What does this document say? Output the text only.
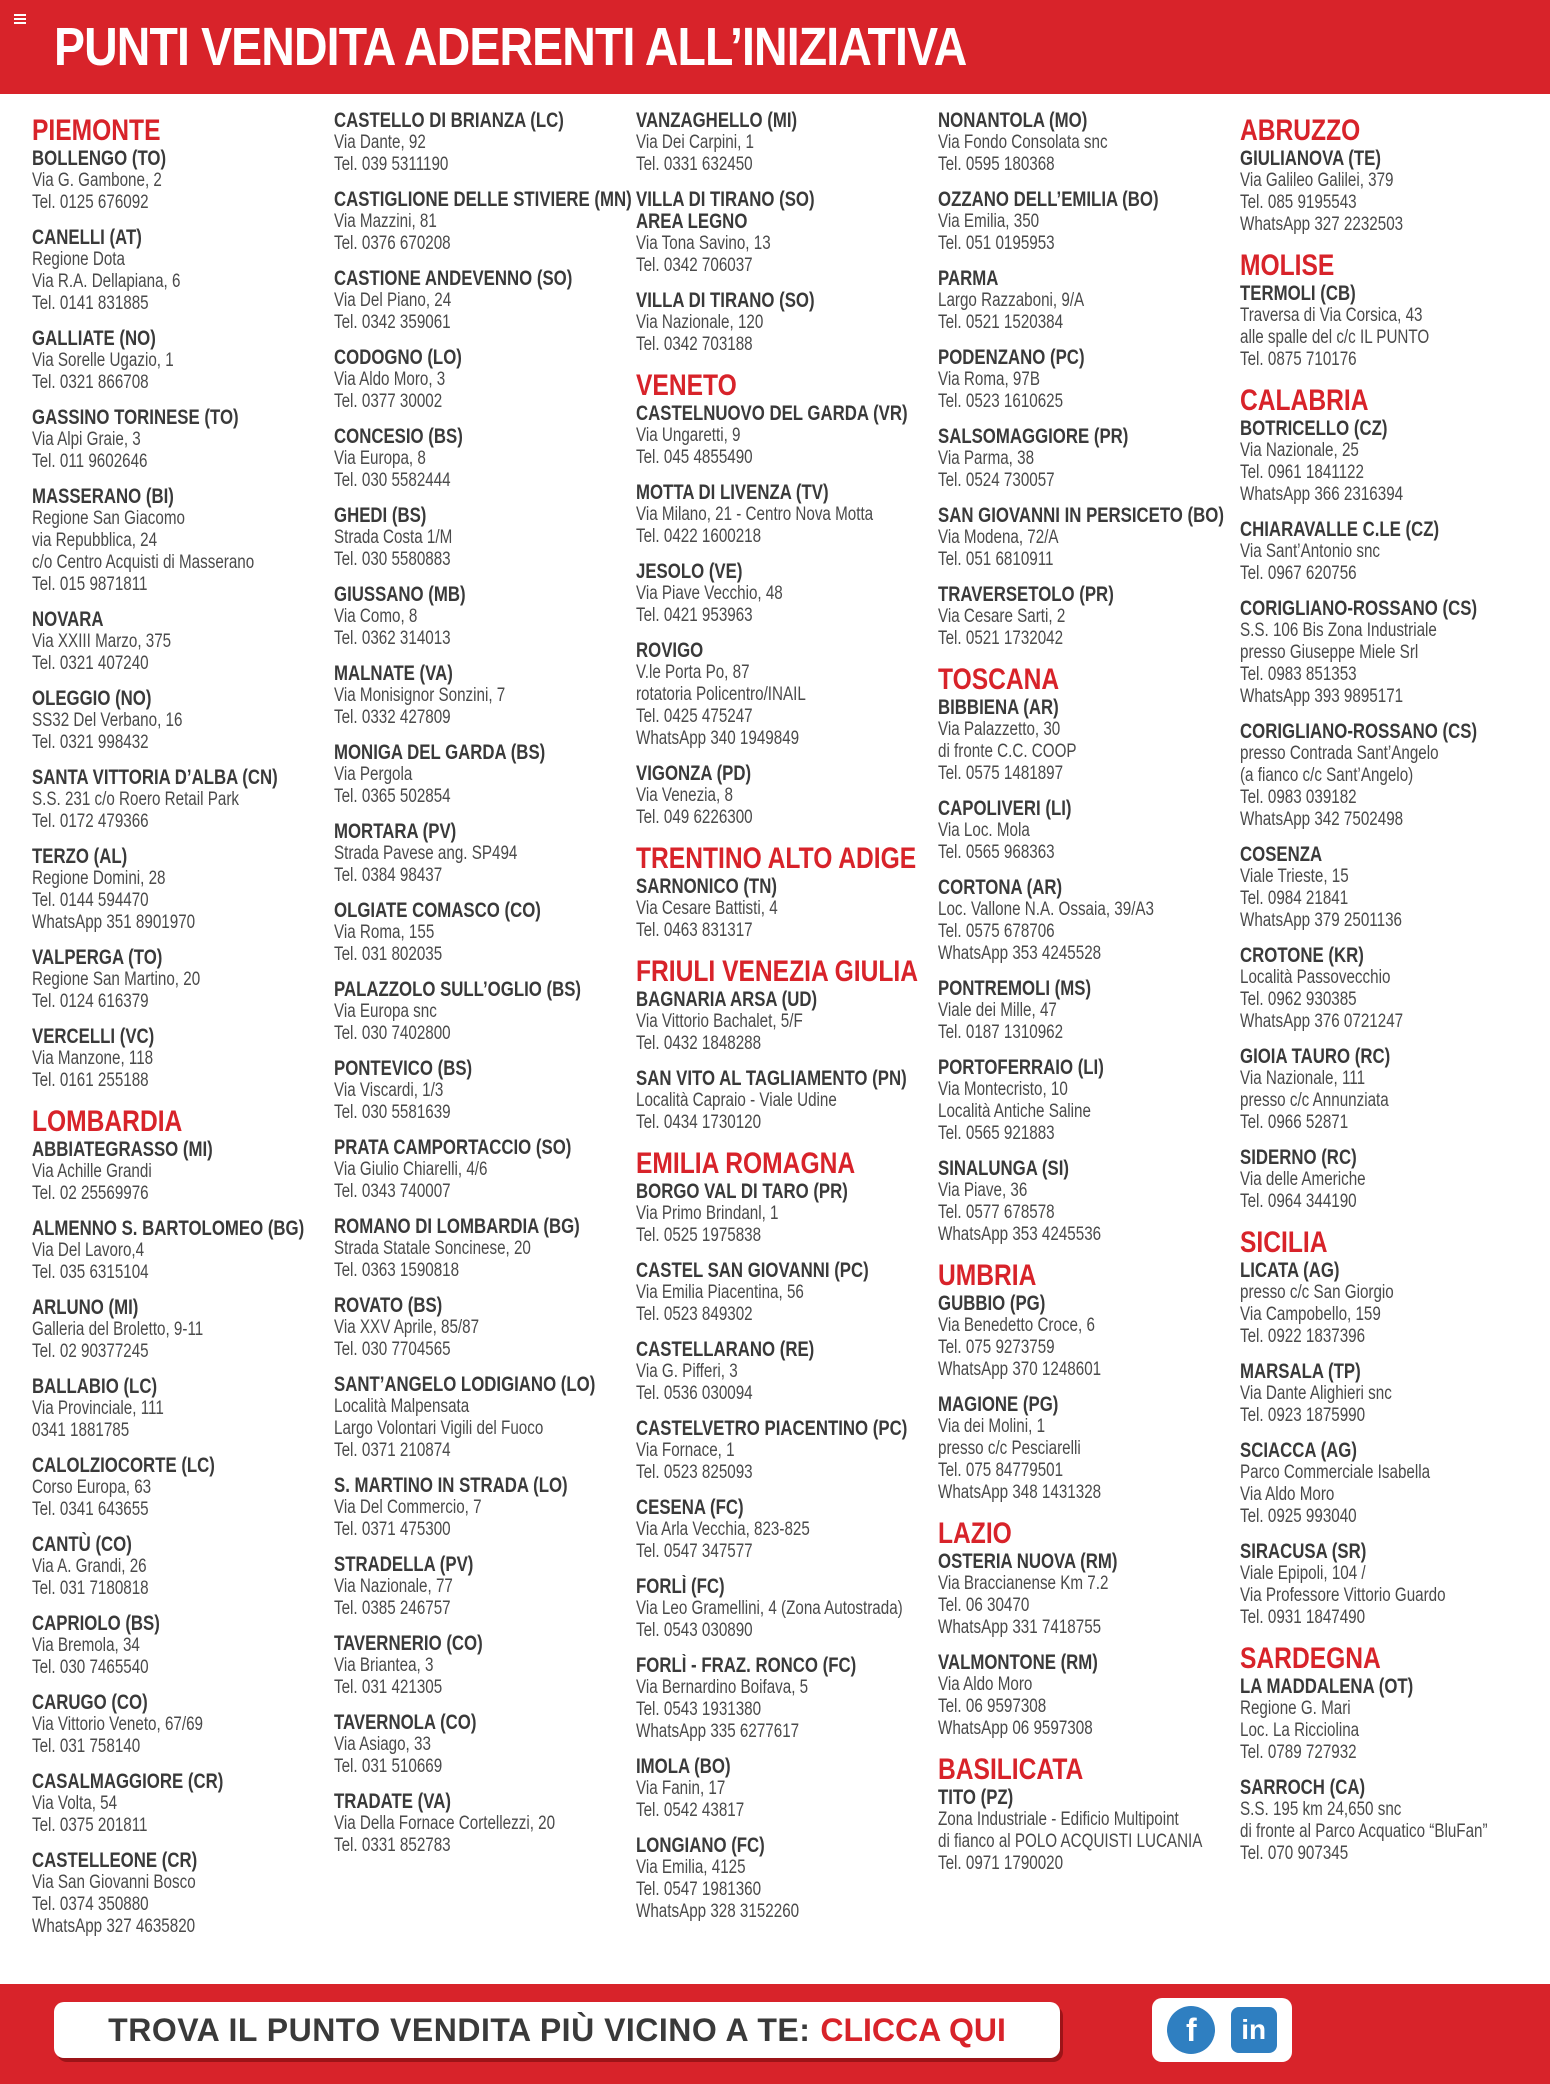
PUNTI VENDITA ADERENTI ALL’INIZIATIVA
PIEMONTE
BOLLENGO (TO)
Via G. Gambone, 2
Tel. 0125 676092
CANELLI (AT)
Regione Dota
Via R.A. Dellapiana, 6
Tel. 0141 831885
GALLIATE (NO)
Via Sorelle Ugazio, 1
Tel. 0321 866708
GASSINO TORINESE (TO)
Via Alpi Graie, 3
Tel. 011 9602646
MASSERANO (BI)
Regione San Giacomo
via Repubblica, 24
c/o Centro Acquisti di Masserano
Tel. 015 9871811
NOVARA
Via XXIII Marzo, 375
Tel. 0321 407240
OLEGGIO (NO)
SS32 Del Verbano, 16
Tel. 0321 998432
SANTA VITTORIA D’ALBA (CN)
S.S. 231 c/o Roero Retail Park
Tel. 0172 479366
TERZO (AL)
Regione Domini, 28
Tel. 0144 594470
WhatsApp 351 8901970
VALPERGA (TO)
Regione San Martino, 20
Tel. 0124 616379
VERCELLI (VC)
Via Manzone, 118
Tel. 0161 255188
LOMBARDIA
ABBIATEGRASSO (MI)
Via Achille Grandi
Tel. 02 25569976
ALMENNO S. BARTOLOMEO (BG)
Via Del Lavoro,4
Tel. 035 6315104
ARLUNO (MI)
Galleria del Broletto, 9-11
Tel. 02 90377245
BALLABIO (LC)
Via Provinciale, 111
0341 1881785
CALOLZIOCORTE (LC)
Corso Europa, 63
Tel. 0341 643655
CANTÙ (CO)
Via A. Grandi, 26
Tel. 031 7180818
CAPRIOLO (BS)
Via Bremola, 34
Tel. 030 7465540
CARUGO (CO)
Via Vittorio Veneto, 67/69
Tel. 031 758140
CASALMAGGIORE (CR)
Via Volta, 54
Tel. 0375 201811
CASTELLEONE (CR)
Via San Giovanni Bosco
Tel. 0374 350880
WhatsApp 327 4635820
CASTELLO DI BRIANZA (LC)
Via Dante, 92
Tel. 039 5311190
CASTIGLIONE DELLE STIVIERE (MN)
Via Mazzini, 81
Tel. 0376 670208
CASTIONE ANDEVENNO (SO)
Via Del Piano, 24
Tel. 0342 359061
CODOGNO (LO)
Via Aldo Moro, 3
Tel. 0377 30002
CONCESIO (BS)
Via Europa, 8
Tel. 030 5582444
GHEDI (BS)
Strada Costa 1/M
Tel. 030 5580883
GIUSSANO (MB)
Via Como, 8
Tel. 0362 314013
MALNATE (VA)
Via Monisignor Sonzini, 7
Tel. 0332 427809
MONIGA DEL GARDA (BS)
Via Pergola
Tel. 0365 502854
MORTARA (PV)
Strada Pavese ang. SP494
Tel. 0384 98437
OLGIATE COMASCO (CO)
Via Roma, 155
Tel. 031 802035
PALAZZOLO SULL’OGLIO (BS)
Via Europa snc
Tel. 030 7402800
PONTEVICO (BS)
Via Viscardi, 1/3
Tel. 030 5581639
PRATA CAMPORTACCIO (SO)
Via Giulio Chiarelli, 4/6
Tel. 0343 740007
ROMANO DI LOMBARDIA (BG)
Strada Statale Soncinese, 20
Tel. 0363 1590818
ROVATO (BS)
Via XXV Aprile, 85/87
Tel. 030 7704565
SANT’ANGELO LODIGIANO (LO)
Località Malpensata
Largo Volontari Vigili del Fuoco
Tel. 0371 210874
S. MARTINO IN STRADA (LO)
Via Del Commercio, 7
Tel. 0371 475300
STRADELLA (PV)
Via Nazionale, 77
Tel. 0385 246757
TAVERNERIO (CO)
Via Briantea, 3
Tel. 031 421305
TAVERNOLA (CO)
Via Asiago, 33
Tel. 031 510669
TRADATE (VA)
Via Della Fornace Cortellezzi, 20
Tel. 0331 852783
VANZAGHELLO (MI)
Via Dei Carpini, 1
Tel. 0331 632450
VILLA DI TIRANO (SO)
AREA LEGNO
Via Tona Savino, 13
Tel. 0342 706037
VILLA DI TIRANO (SO)
Via Nazionale, 120
Tel. 0342 703188
VENETO
CASTELNUOVO DEL GARDA (VR)
Via Ungaretti, 9
Tel. 045 4855490
MOTTA DI LIVENZA (TV)
Via Milano, 21 - Centro Nova Motta
Tel. 0422 1600218
JESOLO (VE)
Via Piave Vecchio, 48
Tel. 0421 953963
ROVIGO
V.le Porta Po, 87
rotatoria Policentro/INAIL
Tel. 0425 475247
WhatsApp 340 1949849
VIGONZA (PD)
Via Venezia, 8
Tel. 049 6226300
TRENTINO ALTO ADIGE
SARNONICO (TN)
Via Cesare Battisti, 4
Tel. 0463 831317
FRIULI VENEZIA GIULIA
BAGNARIA ARSA (UD)
Via Vittorio Bachalet, 5/F
Tel. 0432 1848288
SAN VITO AL TAGLIAMENTO (PN)
Località Capraio - Viale Udine
Tel. 0434 1730120
EMILIA ROMAGNA
BORGO VAL DI TARO (PR)
Via Primo Brindanl, 1
Tel. 0525 1975838
CASTEL SAN GIOVANNI (PC)
Via Emilia Piacentina, 56
Tel. 0523 849302
CASTELLARANO (RE)
Via G. Pifferi, 3
Tel. 0536 030094
CASTELVETRO PIACENTINO (PC)
Via Fornace, 1
Tel. 0523 825093
CESENA (FC)
Via Arla Vecchia, 823-825
Tel. 0547 347577
FORLÌ (FC)
Via Leo Gramellini, 4 (Zona Autostrada)
Tel. 0543 030890
FORLÌ - FRAZ. RONCO (FC)
Via Bernardino Boifava, 5
Tel. 0543 1931380
WhatsApp 335 6277617
IMOLA (BO)
Via Fanin, 17
Tel. 0542 43817
LONGIANO (FC)
Via Emilia, 4125
Tel. 0547 1981360
WhatsApp 328 3152260
NONANTOLA (MO)
Via Fondo Consolata snc
Tel. 0595 180368
OZZANO DELL’EMILIA (BO)
Via Emilia, 350
Tel. 051 0195953
PARMA
Largo Razzaboni, 9/A
Tel. 0521 1520384
PODENZANO (PC)
Via Roma, 97B
Tel. 0523 1610625
SALSOMAGGIORE (PR)
Via Parma, 38
Tel. 0524 730057
SAN GIOVANNI IN PERSICETO (BO)
Via Modena, 72/A
Tel. 051 6810911
TRAVERSETOLO (PR)
Via Cesare Sarti, 2
Tel. 0521 1732042
TOSCANA
BIBBIENA (AR)
Via Palazzetto, 30
di fronte C.C. COOP
Tel. 0575 1481897
CAPOLIVERI (LI)
Via Loc. Mola
Tel. 0565 968363
CORTONA (AR)
Loc. Vallone N.A. Ossaia, 39/A3
Tel. 0575 678706
WhatsApp 353 4245528
PONTREMOLI (MS)
Viale dei Mille, 47
Tel. 0187 1310962
PORTOFERRAIO (LI)
Via Montecristo, 10
Località Antiche Saline
Tel. 0565 921883
SINALUNGA (SI)
Via Piave, 36
Tel. 0577 678578
WhatsApp 353 4245536
UMBRIA
GUBBIO (PG)
Via Benedetto Croce, 6
Tel. 075 9273759
WhatsApp 370 1248601
MAGIONE (PG)
Via dei Molini, 1
presso c/c Pesciarelli
Tel. 075 84779501
WhatsApp 348 1431328
LAZIO
OSTERIA NUOVA (RM)
Via Braccianense Km 7.2
Tel. 06 30470
WhatsApp 331 7418755
VALMONTONE (RM)
Via Aldo Moro
Tel. 06 9597308
WhatsApp 06 9597308
BASILICATA
TITO (PZ)
Zona Industriale - Edificio Multipoint
di fianco al POLO ACQUISTI LUCANIA
Tel. 0971 1790020
ABRUZZO
GIULIANOVA (TE)
Via Galileo Galilei, 379
Tel. 085 9195543
WhatsApp 327 2232503
MOLISE
TERMOLI (CB)
Traversa di Via Corsica, 43
alle spalle del c/c IL PUNTO
Tel. 0875 710176
CALABRIA
BOTRICELLO (CZ)
Via Nazionale, 25
Tel. 0961 1841122
WhatsApp 366 2316394
CHIARAVALLE C.LE (CZ)
Via Sant’Antonio snc
Tel. 0967 620756
CORIGLIANO-ROSSANO (CS)
S.S. 106 Bis Zona Industriale
presso Giuseppe Miele Srl
Tel. 0983 851353
WhatsApp 393 9895171
CORIGLIANO-ROSSANO (CS)
presso Contrada Sant’Angelo
(a fianco c/c Sant’Angelo)
Tel. 0983 039182
WhatsApp 342 7502498
COSENZA
Viale Trieste, 15
Tel. 0984 21841
WhatsApp 379 2501136
CROTONE (KR)
Località Passovecchio
Tel. 0962 930385
WhatsApp 376 0721247
GIOIA TAURO (RC)
Via Nazionale, 111
presso c/c Annunziata
Tel. 0966 52871
SIDERNO (RC)
Via delle Americhe
Tel. 0964 344190
SICILIA
LICATA (AG)
presso c/c San Giorgio
Via Campobello, 159
Tel. 0922 1837396
MARSALA (TP)
Via Dante Alighieri snc
Tel. 0923 1875990
SCIACCA (AG)
Parco Commerciale Isabella
Via Aldo Moro
Tel. 0925 993040
SIRACUSA (SR)
Viale Epipoli, 104 /
Via Professore Vittorio Guardo
Tel. 0931 1847490
SARDEGNA
LA MADDALENA (OT)
Regione G. Mari
Loc. La Ricciolina
Tel. 0789 727932
SARROCH (CA)
S.S. 195 km 24,650 snc
di fronte al Parco Acquatico “BluFan”
Tel. 070 907345
TROVA IL PUNTO VENDITA PIÙ VICINO A TE: CLICCA QUI	f	in
